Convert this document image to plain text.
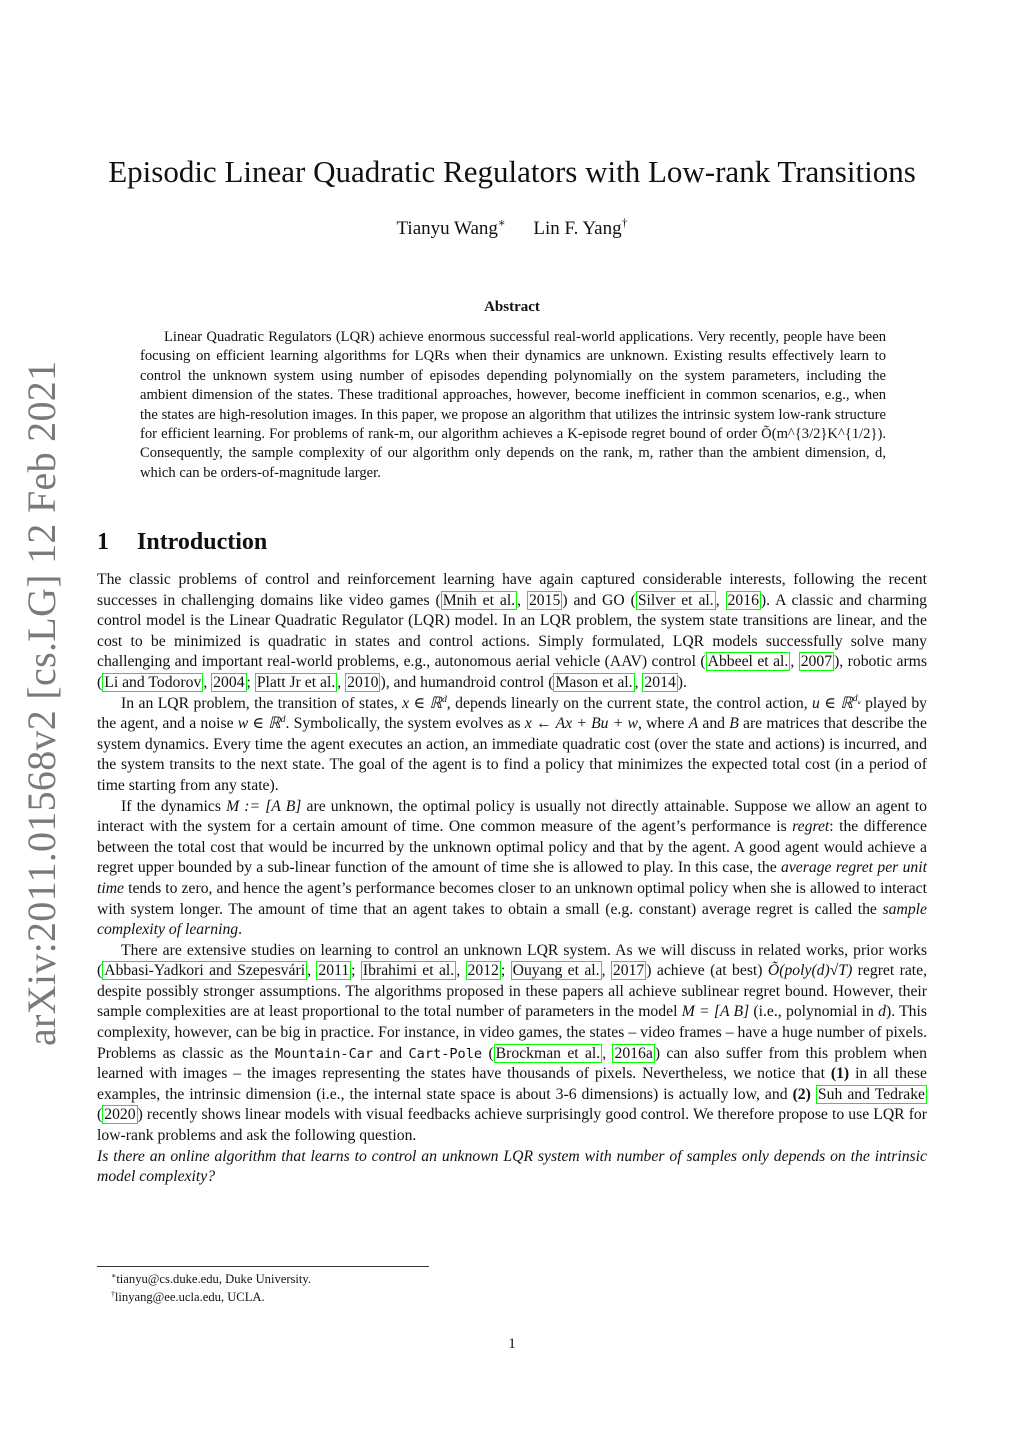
arXiv:2011.01568v2 [cs.LG] 12 Feb 2021
Episodic Linear Quadratic Regulators with Low-rank Transitions
Tianyu Wang∗ Lin F. Yang†
Abstract

Linear Quadratic Regulators (LQR) achieve enormous successful real-world applications. Very recently, people have been focusing on efficient learning algorithms for LQRs when their dynamics are unknown. Existing results effectively learn to control the unknown system using number of episodes depending polynomially on the system parameters, including the ambient dimension of the states. These traditional approaches, however, become inefficient in common scenarios, e.g., when the states are high-resolution images. In this paper, we propose an algorithm that utilizes the intrinsic system low-rank structure for efficient learning. For problems of rank-m, our algorithm achieves a K-episode regret bound of order Õ(m^{3/2}K^{1/2}). Consequently, the sample complexity of our algorithm only depends on the rank, m, rather than the ambient dimension, d, which can be orders-of-magnitude larger.

1 Introduction

The classic problems of control and reinforcement learning have again captured considerable interests, following the recent successes in challenging domains like video games ( Mnih et al. , 2015 ) and GO ( Silver et al. , 2016 ). A classic and charming control model is the Linear Quadratic Regulator (LQR) model. In an LQR problem, the system state transitions are linear, and the cost to be minimized is quadratic in states and control actions. Simply formulated, LQR models successfully solve many challenging and important real-world problems, e.g., autonomous aerial vehicle (AAV) control ( Abbeel et al. , 2007 ), robotic arms ( Li and Todorov , 2004 ; Platt Jr et al. , 2010 ), and humandroid control ( Mason et al. , 2014 ).

In an LQR problem, the transition of states, x ∈ ℝ$^d$, depends linearly on the current state, the control action, u ∈ ℝ$^{d_u}$ played by the agent, and a noise w ∈ ℝ$^d$. Symbolically, the system evolves as x ← Ax + Bu + w, where A and B are matrices that describe the system dynamics. Every time the agent executes an action, an immediate quadratic cost (over the state and actions) is incurred, and the system transits to the next state. The goal of the agent is to find a policy that minimizes the expected total cost (in a period of time starting from any state).

If the dynamics M := [A B] are unknown, the optimal policy is usually not directly attainable. Suppose we allow an agent to interact with the system for a certain amount of time. One common measure of the agent’s performance is regret: the difference between the total cost that would be incurred by the unknown optimal policy and that by the agent. A good agent would achieve a regret upper bounded by a sub-linear function of the amount of time she is allowed to play. In this case, the average regret per unit time tends to zero, and hence the agent’s performance becomes closer to an unknown optimal policy when she is allowed to interact with system longer. The amount of time that an agent takes to obtain a small (e.g. constant) average regret is called the sample complexity of learning.

There are extensive studies on learning to control an unknown LQR system. As we will discuss in related works, prior works ( Abbasi-Yadkori and Szepesvári , 2011 ; Ibrahimi et al. , 2012 ; Ouyang et al. , 2017 ) achieve (at best) Õ(poly(d)√T) regret rate, despite possibly stronger assumptions. The algorithms proposed in these papers all achieve sublinear regret bound. However, their sample complexities are at least proportional to the total number of parameters in the model M = [A B] (i.e., polynomial in d). This complexity, however, can be big in practice. For instance, in video games, the states – video frames – have a huge number of pixels. Problems as classic as the Mountain-Car and Cart-Pole ( Brockman et al. , 2016a ) can also suffer from this problem when learned with images – the images representing the states have thousands of pixels. Nevertheless, we notice that (1) in all these examples, the intrinsic dimension (i.e., the internal state space is about 3-6 dimensions) is actually low, and (2) Suh and Tedrake ( 2020 ) recently shows linear models with visual feedbacks achieve surprisingly good control. We therefore propose to use LQR for low-rank problems and ask the following question.

Is there an online algorithm that learns to control an unknown LQR system with number of samples only depends on the intrinsic model complexity?

∗tianyu@cs.duke.edu, Duke University.

†linyang@ee.ucla.edu, UCLA.

1
